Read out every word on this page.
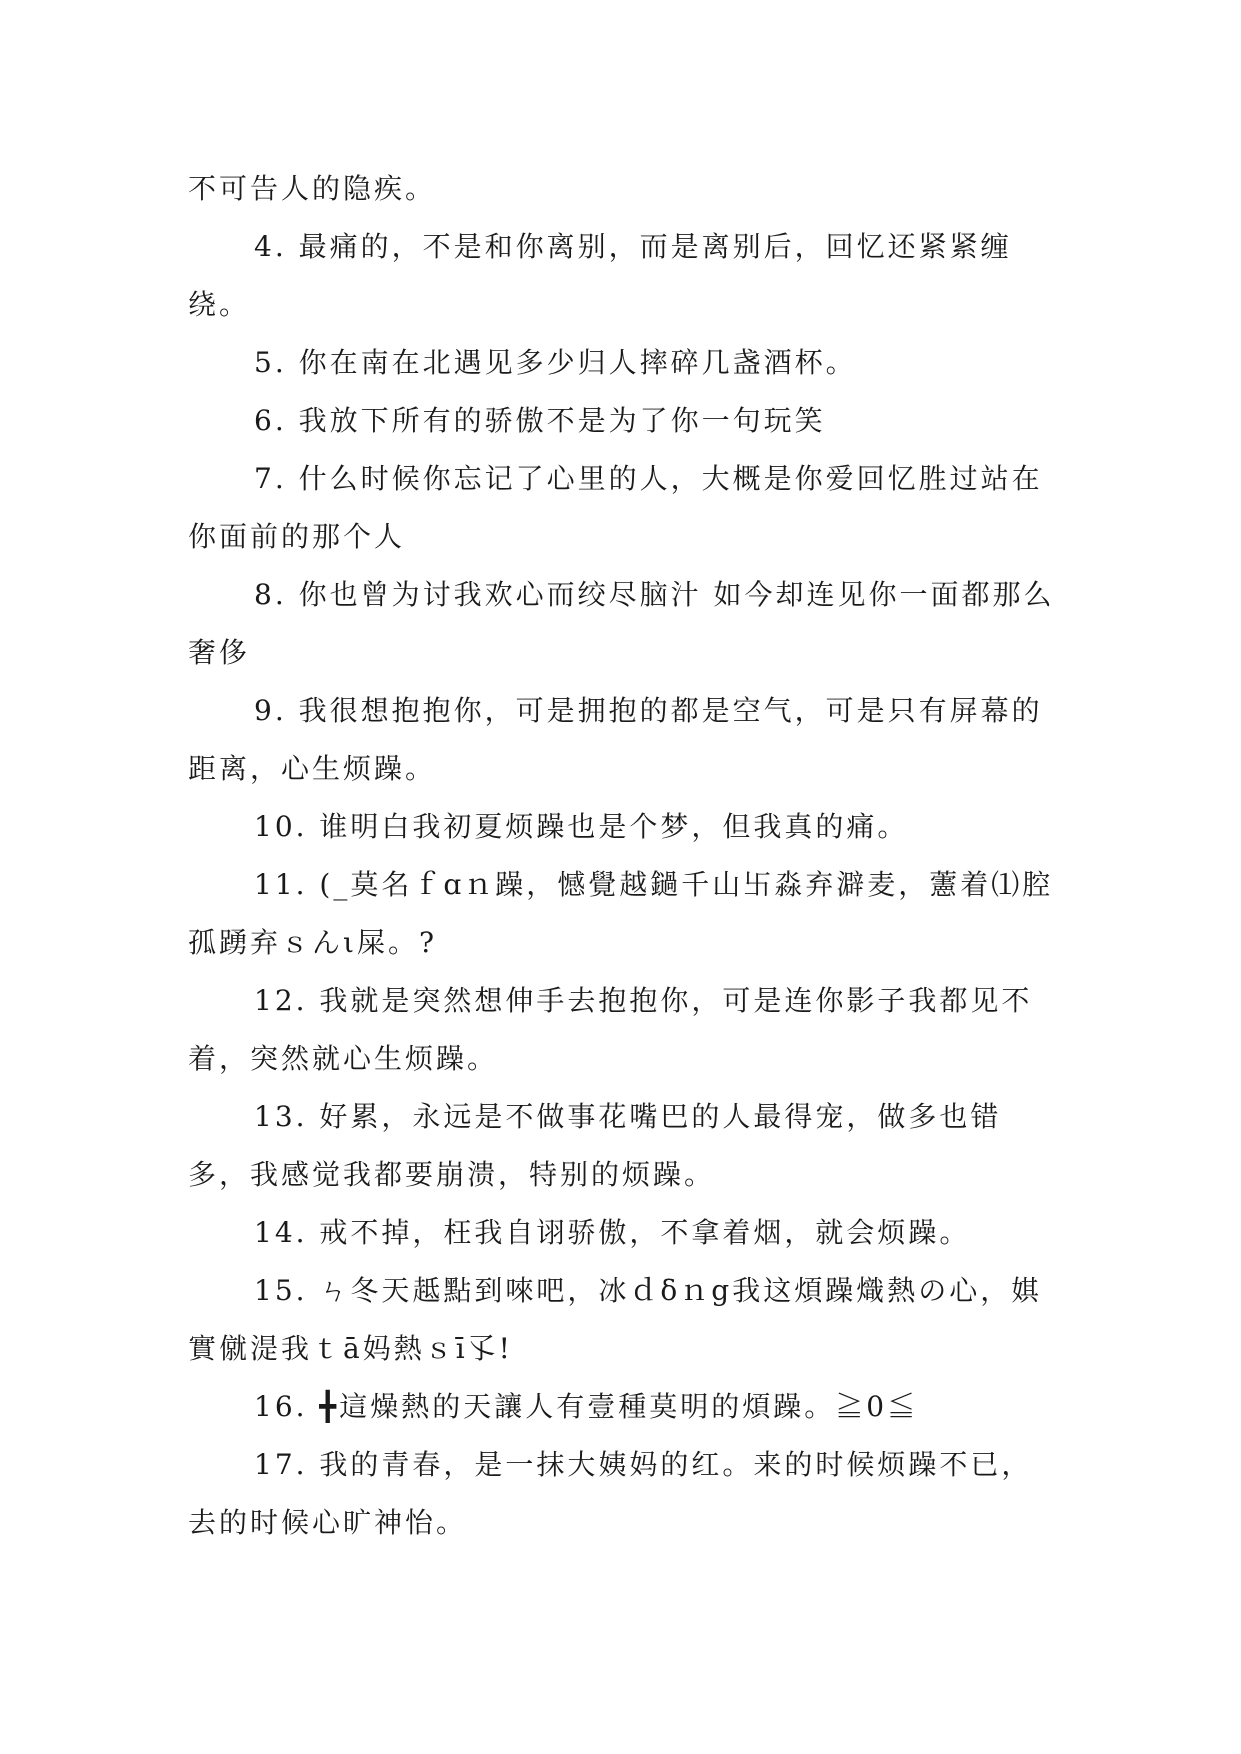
不可告人的隐疾。

4. 最痛的，不是和你离别，而是离别后，回忆还紧紧缠绕。

5. 你在南在北遇见多少归人摔碎几盏酒杯。

6. 我放下所有的骄傲不是为了你一句玩笑

7. 什么时候你忘记了心里的人，大概是你爱回忆胜过站在你面前的那个人

8. 你也曾为讨我欢心而绞尽脑汁 如今却连见你一面都那么奢侈

9. 我很想抱抱你，可是拥抱的都是空气，可是只有屏幕的距离，心生烦躁。

10. 谁明白我初夏烦躁也是个梦，但我真的痛。

11. (_莫名ｆɑｎ躁，憾覺越鐹千山卐淼弃澼麦，藼着⑴腔孤踴弃ｓんι屎。?

12. 我就是突然想伸手去抱抱你，可是连你影子我都见不着，突然就心生烦躁。

13. 好累，永远是不做事花嘴巴的人最得宠，做多也错多，我感觉我都要崩溃，特别的烦躁。

14. 戒不掉，枉我自诩骄傲，不拿着烟，就会烦躁。

15. ㄣ冬天趆點到唻吧，冰ｄδｎg我这煩躁熾熱の心，娸實僦湜我ｔā妈熱ｓī孓!

16. ╋這燥熱的天讓人有壹種莫明的煩躁。≧0≦

17. 我的青春，是一抹大姨妈的红。来的时候烦躁不已，去的时候心旷神怡。
